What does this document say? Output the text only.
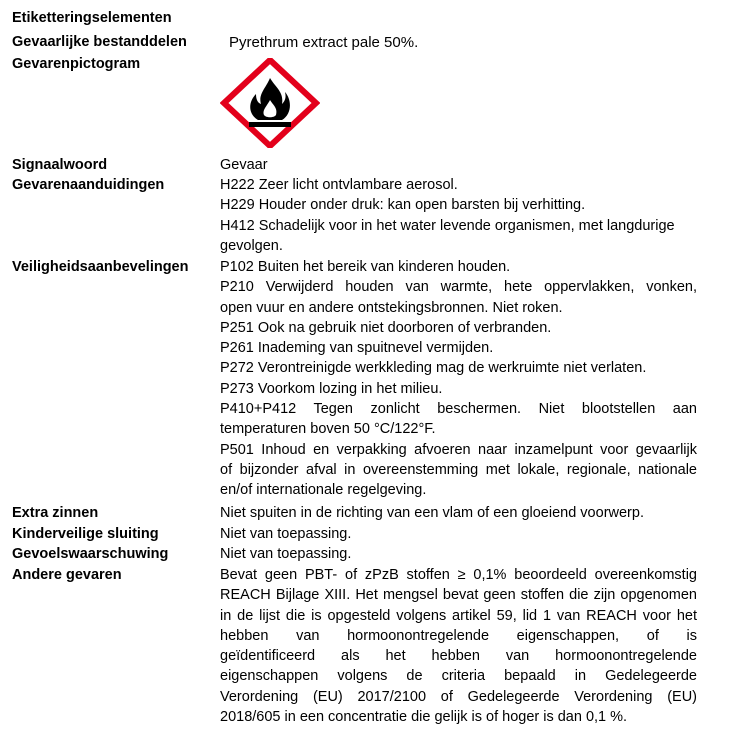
Etiketteringselementen
Gevaarlijke bestanddelen	Pyrethrum extract pale 50%.
Gevarenpictogram
Signaalwoord	Gevaar
Gevarenaanduidingen	H222 Zeer licht ontvlambare aerosol.
H229 Houder onder druk: kan open barsten bij verhitting.
H412 Schadelijk voor in het water levende organismen, met langdurige
gevolgen.
Veiligheidsaanbevelingen P102 Buiten het bereik van kinderen houden.
P210 Verwijderd houden van warmte, hete oppervlakken, vonken,
open vuur en andere ontstekingsbronnen. Niet roken.
P251 Ook na gebruik niet doorboren of verbranden.
P261 Inademing van spuitnevel vermijden.
P272 Verontreinigde werkkleding mag de werkruimte niet verlaten.
P273 Voorkom lozing in het milieu.
P410+P412 Tegen zonlicht beschermen. Niet blootstellen aan
temperaturen boven 50 °C/122°F.
P501 Inhoud en verpakking afvoeren naar inzamelpunt voor gevaarlijk
of bijzonder afval in overeenstemming met lokale, regionale, nationale
en/of internationale regelgeving.
Extra zinnen	Niet spuiten in de richting van een vlam of een gloeiend voorwerp.
Kinderveilige sluiting	Niet van toepassing.
Gevoelswaarschuwing	Niet van toepassing.
Andere gevaren	Bevat geen PBT- of zPzB stoffen ≥ 0,1% beoordeeld overeenkomstig
REACH Bijlage XIII. Het mengsel bevat geen stoffen die zijn opgenomen
in de lijst die is opgesteld volgens artikel 59, lid 1 van REACH voor het
hebben van hormoonontregelende eigenschappen, of is
geïdentificeerd als het hebben van hormoonontregelende
eigenschappen volgens de criteria bepaald in Gedelegeerde
Verordening (EU) 2017/2100 of Gedelegeerde Verordening (EU)
2018/605 in een concentratie die gelijk is of hoger is dan 0,1 %.
